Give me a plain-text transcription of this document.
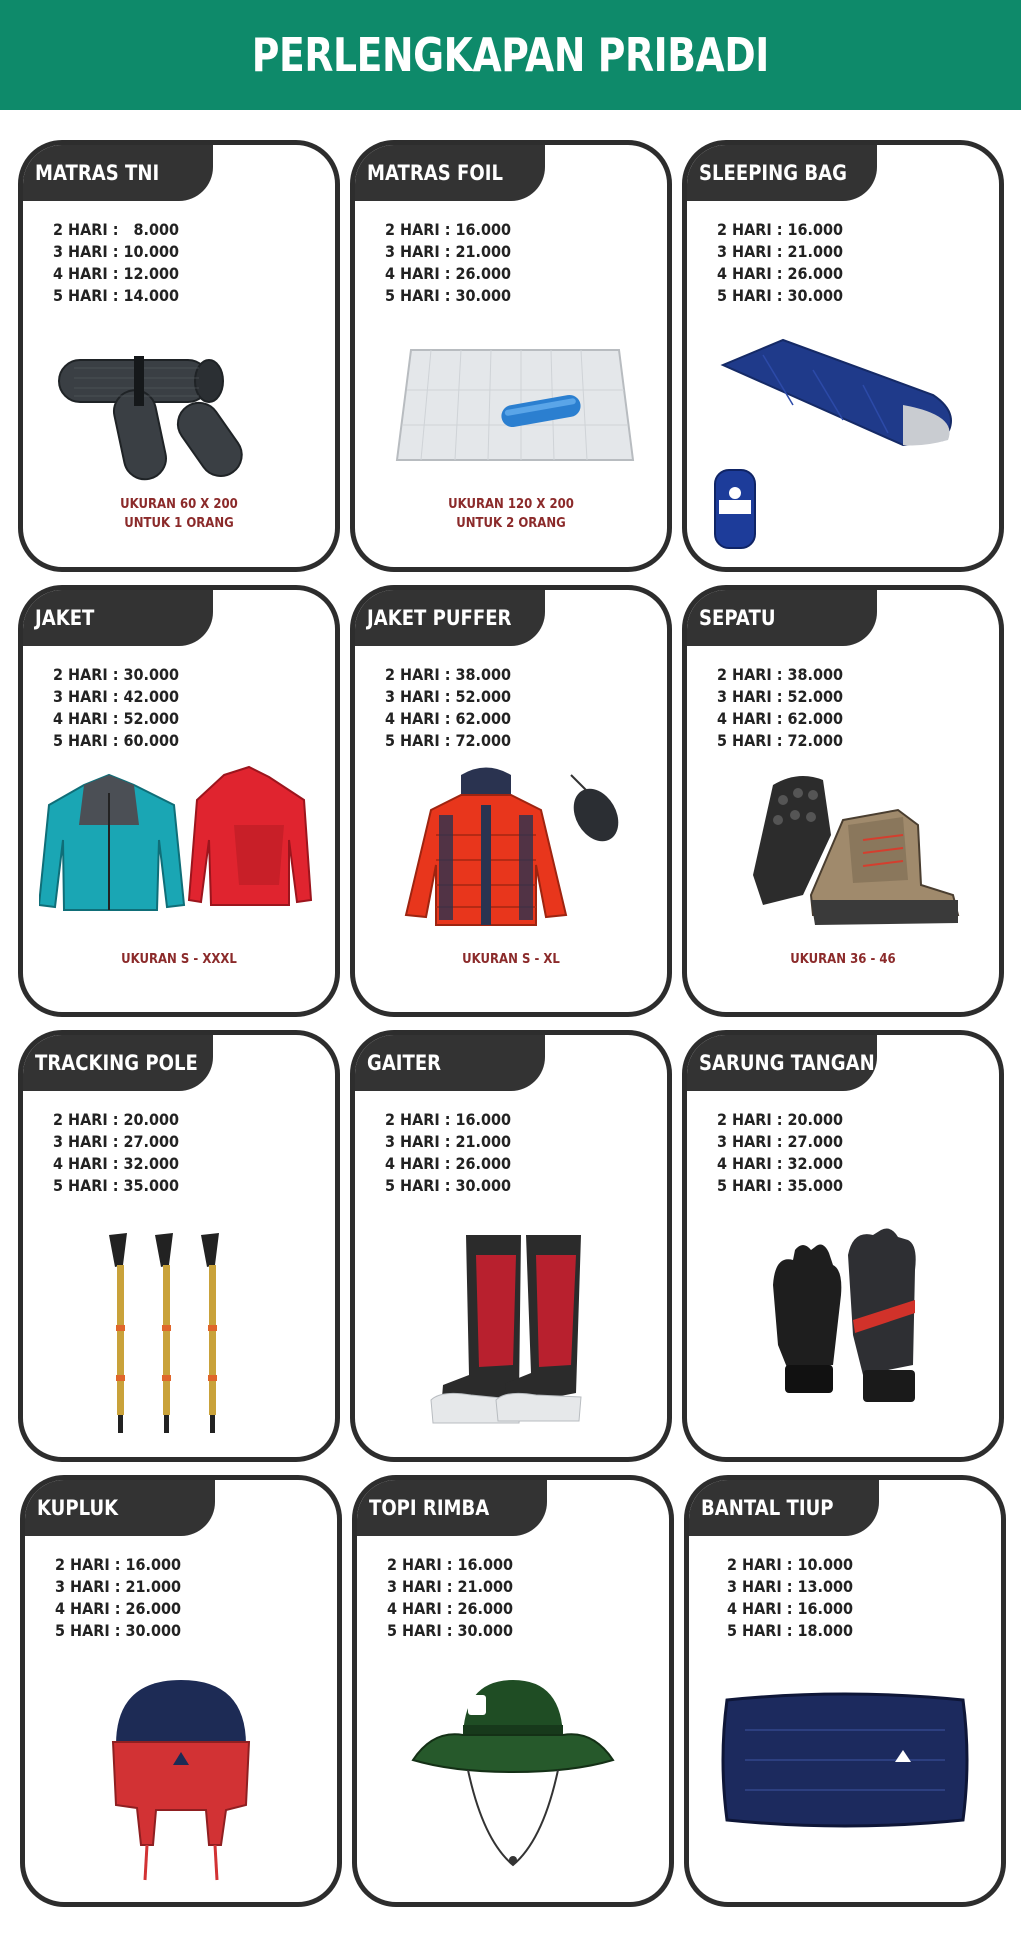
PERLENGKAPAN PRIBADI
MATRAS TNI
2 HARI :   8.000
3 HARI : 10.000
4 HARI : 12.000
5 HARI : 14.000
UKURAN 60 X 200
UNTUK 1 ORANG
MATRAS FOIL
2 HARI : 16.000
3 HARI : 21.000
4 HARI : 26.000
5 HARI : 30.000
UKURAN 120 X 200
UNTUK 2 ORANG
SLEEPING BAG
2 HARI : 16.000
3 HARI : 21.000
4 HARI : 26.000
5 HARI : 30.000
JAKET
2 HARI : 30.000
3 HARI : 42.000
4 HARI : 52.000
5 HARI : 60.000
UKURAN S - XXXL
JAKET PUFFER
2 HARI : 38.000
3 HARI : 52.000
4 HARI : 62.000
5 HARI : 72.000
UKURAN S - XL
SEPATU
2 HARI : 38.000
3 HARI : 52.000
4 HARI : 62.000
5 HARI : 72.000
UKURAN 36 - 46
TRACKING POLE
2 HARI : 20.000
3 HARI : 27.000
4 HARI : 32.000
5 HARI : 35.000
GAITER
2 HARI : 16.000
3 HARI : 21.000
4 HARI : 26.000
5 HARI : 30.000
SARUNG TANGAN
2 HARI : 20.000
3 HARI : 27.000
4 HARI : 32.000
5 HARI : 35.000
KUPLUK
2 HARI : 16.000
3 HARI : 21.000
4 HARI : 26.000
5 HARI : 30.000
TOPI RIMBA
2 HARI : 16.000
3 HARI : 21.000
4 HARI : 26.000
5 HARI : 30.000
BANTAL TIUP
2 HARI : 10.000
3 HARI : 13.000
4 HARI : 16.000
5 HARI : 18.000
